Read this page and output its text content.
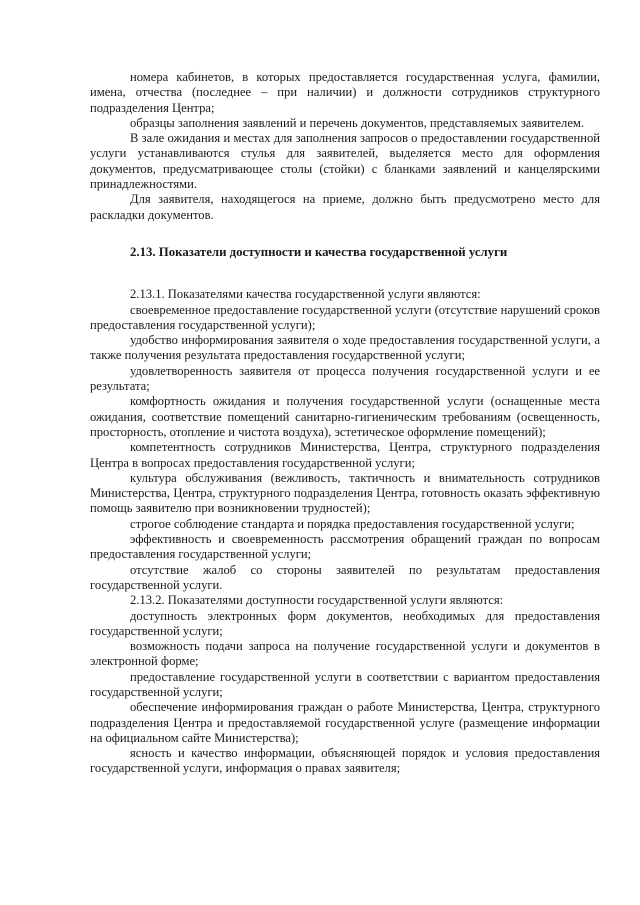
номера кабинетов, в которых предоставляется государственная услуга, фамилии, имена, отчества (последнее – при наличии) и должности сотрудников структурного подразделения Центра;

образцы заполнения заявлений и перечень документов, представляемых заявителем.

В зале ожидания и местах для заполнения запросов о предоставлении государственной услуги устанавливаются стулья для заявителей, выделяется место для оформления документов, предусматривающее столы (стойки) с бланками заявлений и канцелярскими принадлежностями.

Для заявителя, находящегося на приеме, должно быть предусмотрено место для раскладки документов.

2.13. Показатели доступности и качества государственной услуги

2.13.1. Показателями качества государственной услуги являются:

своевременное предоставление государственной услуги (отсутствие нарушений сроков предоставления государственной услуги);

удобство информирования заявителя о ходе предоставления государственной услуги, а также получения результата предоставления государственной услуги;

удовлетворенность заявителя от процесса получения государственной услуги и ее результата;

комфортность ожидания и получения государственной услуги (оснащенные места ожидания, соответствие помещений санитарно-гигиеническим требованиям (освещенность, просторность, отопление и чистота воздуха), эстетическое оформление помещений);

компетентность сотрудников Министерства, Центра, структурного подразделения Центра в вопросах предоставления государственной услуги;

культура обслуживания (вежливость, тактичность и внимательность сотрудников Министерства, Центра, структурного подразделения Центра, готовность оказать эффективную помощь заявителю при возникновении трудностей);

строгое соблюдение стандарта и порядка предоставления государственной услуги;

эффективность и своевременность рассмотрения обращений граждан по вопросам предоставления государственной услуги;

отсутствие жалоб со стороны заявителей по результатам предоставления государственной услуги.

2.13.2. Показателями доступности государственной услуги являются:

доступность электронных форм документов, необходимых для предоставления государственной услуги;

возможность подачи запроса на получение государственной услуги и документов в электронной форме;

предоставление государственной услуги в соответствии с вариантом предоставления государственной услуги;

обеспечение информирования граждан о работе Министерства, Центра, структурного подразделения Центра и предоставляемой государственной услуге (размещение информации на официальном сайте Министерства);

ясность и качество информации, объясняющей порядок и условия предоставления государственной услуги, информация о правах заявителя;
